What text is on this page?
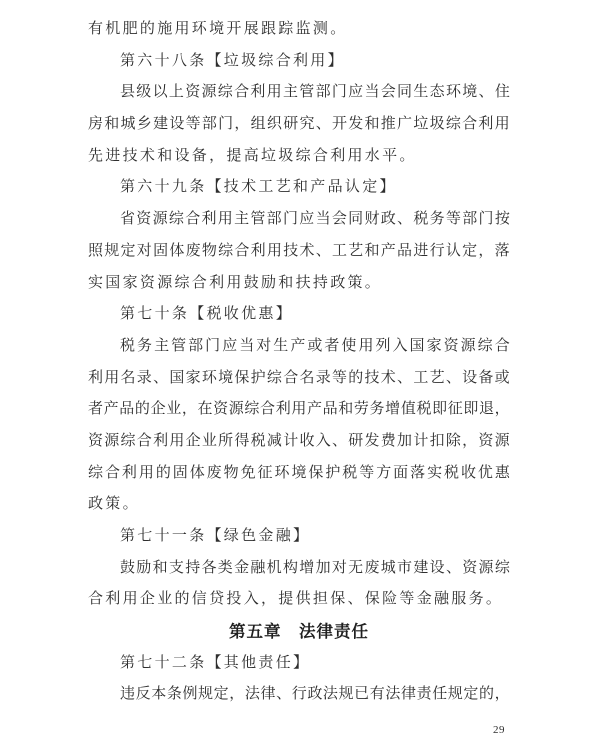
有机肥的施用环境开展跟踪监测。
第六十八条【垃圾综合利用】
县 级 以 上 资 源 综 合 利 用 主 管 部 门 应 当 会 同 生 态 环 境 、 住
房 和 城 乡 建 设 等 部 门 ， 组 织 研 究 、 开 发 和 推 广 垃 圾 综 合 利 用
先进技术和设备，提高垃圾综合利用水平。
第六十九条【技术工艺和产品认定】
省 资 源 综 合 利 用 主 管 部 门 应 当 会 同 财 政 、 税 务 等 部 门 按
照 规 定 对 固 体 废 物 综 合 利 用 技 术 、 工 艺 和 产 品 进 行 认 定 ， 落
实国家资源综合利用鼓励和扶持政策。
第七十条【税收优惠】
税 务 主 管 部 门 应 当 对 生 产 或 者 使 用 列 入 国 家 资 源 综 合
利 用 名 录 、 国 家 环 境 保 护 综 合 名 录 等 的 技 术 、 工 艺 、 设 备 或
者 产 品 的 企 业 ， 在 资 源 综 合 利 用 产 品 和 劳 务 增 值 税 即 征 即 退 ，
资 源 综 合 利 用 企 业 所 得 税 减 计 收 入 、 研 发 费 加 计 扣 除 ， 资 源
综 合 利 用 的 固 体 废 物 免 征 环 境 保 护 税 等 方 面 落 实 税 收 优 惠
政策。
第七十一条【绿色金融】
鼓 励 和 支 持 各 类 金 融 机 构 增 加 对 无 废 城 市 建 设 、 资 源 综
合利用企业的信贷投入，提供担保、保险等金融服务。
第五章　法律责任
第七十二条【其他责任】
违 反 本 条 例 规 定 ， 法 律 、 行 政 法 规 已 有 法 律 责 任 规 定 的 ，
29
